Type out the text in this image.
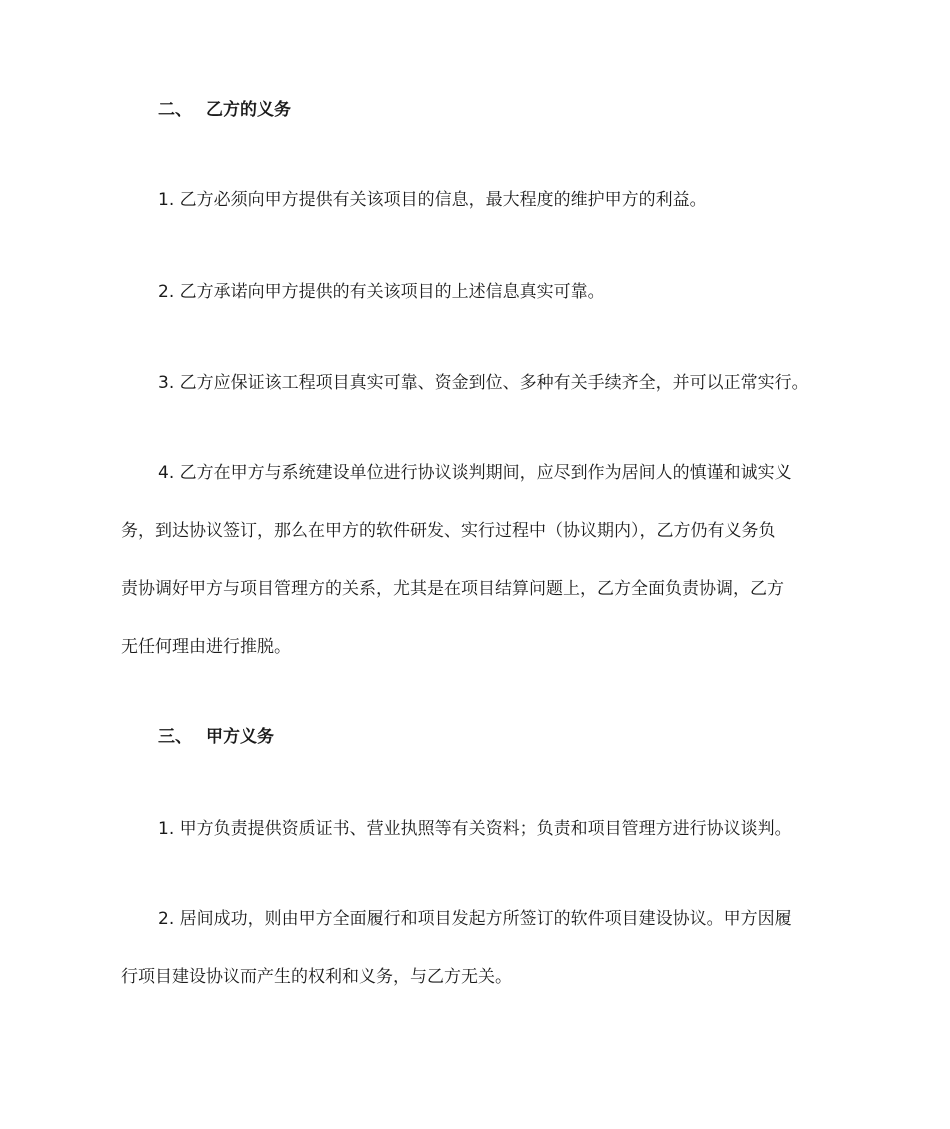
二、 乙方的义务

1. 乙方必须向甲方提供有关该项目的信息，最大程度的维护甲方的利益。

2. 乙方承诺向甲方提供的有关该项目的上述信息真实可靠。

3. 乙方应保证该工程项目真实可靠、资金到位、多种有关手续齐全，并可以正常实行。

4. 乙方在甲方与系统建设单位进行协议谈判期间，应尽到作为居间人的慎谨和诚实义
务，到达协议签订，那么在甲方的软件研发、实行过程中（协议期内），乙方仍有义务负
责协调好甲方与项目管理方的关系，尤其是在项目结算问题上，乙方全面负责协调，乙方
无任何理由进行推脱。
三、 甲方义务

1. 甲方负责提供资质证书、营业执照等有关资料；负责和项目管理方进行协议谈判。

2. 居间成功，则由甲方全面履行和项目发起方所签订的软件项目建设协议。甲方因履
行项目建设协议而产生的权利和义务，与乙方无关。
